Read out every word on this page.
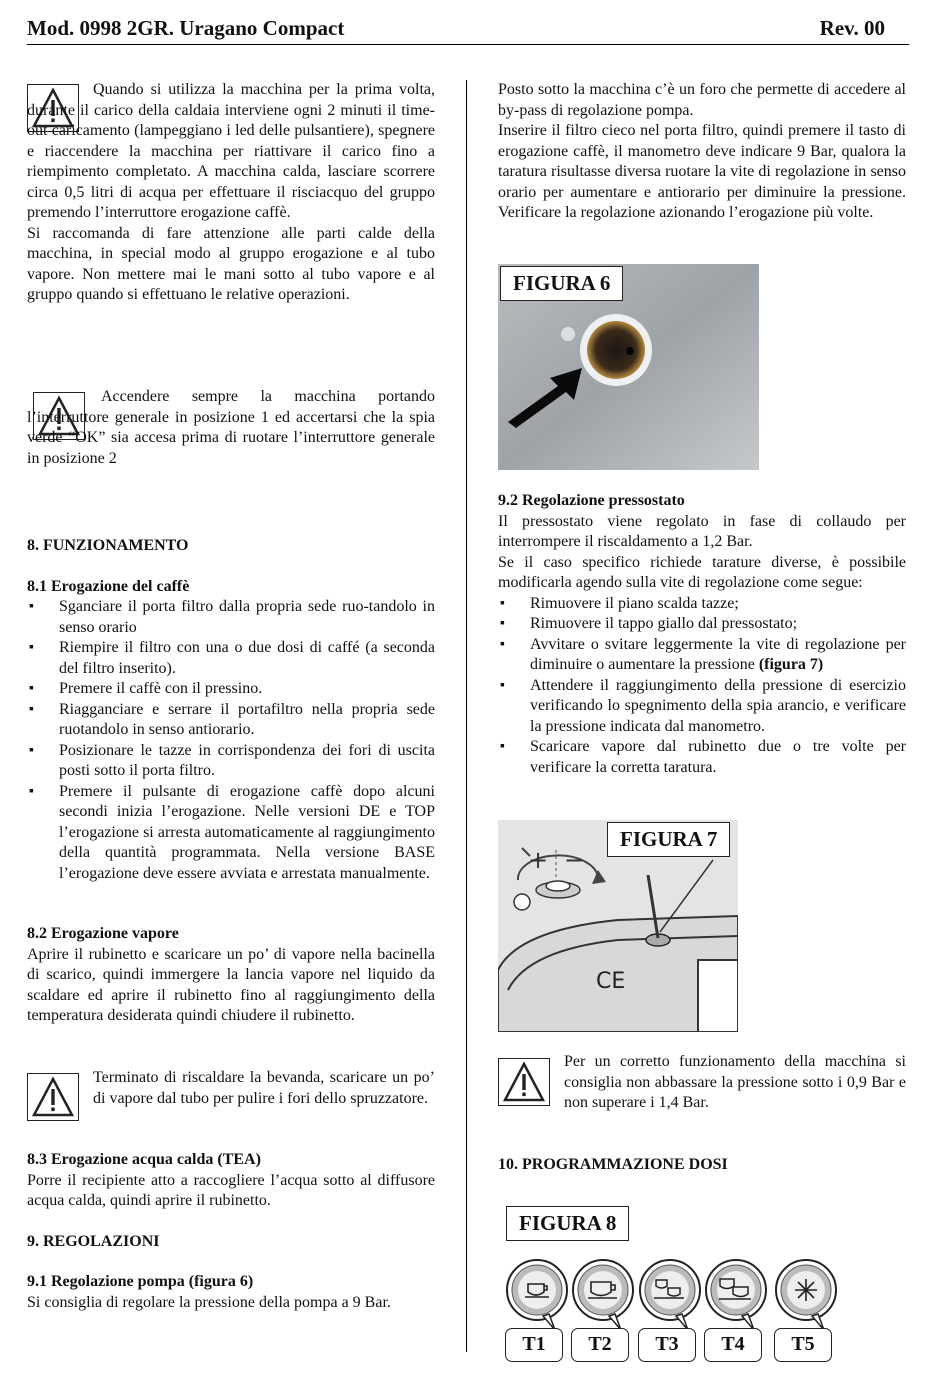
Mod. 0998 2GR. Uragano Compact	Rev. 00

Quando si utilizza la macchina per la prima volta, durante il carico della caldaia interviene ogni 2 minuti il time-out caricamento (lampeggiano i led delle pulsantiere), spegnere e riaccendere la macchina per riattivare il carico fino a riempimento completato. A macchina calda, lasciare scorrere circa 0,5 litri di acqua per effettuare il risciacquo del gruppo premendo l’interruttore erogazione caffè.

Si raccomanda di fare attenzione alle parti calde della macchina, in special modo al gruppo erogazione e al tubo vapore. Non mettere mai le mani sotto al tubo vapore e al gruppo quando si effettuano le relative operazioni.

Accendere sempre la macchina portando l’interruttore generale in posizione 1 ed accertarsi che la spia verde “OK” sia accesa prima di ruotare l’interruttore generale in posizione 2

8. FUNZIONAMENTO
8.1 Erogazione del caffè
▪ Sganciare il porta filtro dalla propria sede ruo-tandolo in senso orario
▪ Riempire il filtro con una o due dosi di caffé (a seconda del filtro inserito).
▪ Premere il caffè con il pressino.
▪ Riagganciare e serrare il portafiltro nella propria sede ruotandolo in senso antiorario.
▪ Posizionare le tazze in corrispondenza dei fori di uscita posti sotto il porta filtro.
▪ Premere il pulsante di erogazione caffè dopo alcuni secondi inizia l’erogazione. Nelle versioni DE e TOP l’erogazione si arresta automaticamente al raggiungimento della quantità programmata. Nella versione BASE l’erogazione deve essere avviata e arrestata manualmente.
8.2 Erogazione vapore

Aprire il rubinetto e scaricare un po’ di vapore nella bacinella di scarico, quindi immergere la lancia vapore nel liquido da scaldare ed aprire il rubinetto fino al raggiungimento della temperatura desiderata quindi chiudere il rubinetto.

Terminato di riscaldare la bevanda, scaricare un po’ di vapore dal tubo per pulire i fori dello spruzzatore.

8.3 Erogazione acqua calda (TEA)

Porre il recipiente atto a raccogliere l’acqua sotto al diffusore acqua calda, quindi aprire il rubinetto.

9. REGOLAZIONI
9.1 Regolazione pompa (figura 6)

Si consiglia di regolare la pressione della pompa a 9 Bar.

Posto sotto la macchina c’è un foro che permette di accedere al by-pass di regolazione pompa.

Inserire il filtro cieco nel porta filtro, quindi premere il tasto di erogazione caffè, il manometro deve indicare 9 Bar, qualora la taratura risultasse diversa ruotare la vite di regolazione in senso orario per aumentare e antiorario per diminuire la pressione. Verificare la regolazione azionando l’erogazione più volte.

FIGURA 6
9.2 Regolazione pressostato

Il pressostato viene regolato in fase di collaudo per interrompere il riscaldamento a 1,2 Bar.

Se il caso specifico richiede tarature diverse, è possibile modificarla agendo sulla vite di regolazione come segue:

▪ Rimuovere il piano scalda tazze;
▪ Rimuovere il tappo giallo dal pressostato;
▪ Avvitare o svitare leggermente la vite di regolazione per diminuire o aumentare la pressione (figura 7)
▪ Attendere il raggiungimento della pressione di esercizio verificando lo spegnimento della spia arancio, e verificare la pressione indicata dal manometro.
▪ Scaricare vapore dal rubinetto due o tre volte per verificare la corretta taratura.
+ −
CE
FIGURA 7

Per un corretto funzionamento della macchina si consiglia non abbassare la pressione sotto i 0,9 Bar e non superare i 1,4 Bar.

10. PROGRAMMAZIONE DOSI
FIGURA 8
T1	T2	T3	T4	T5
